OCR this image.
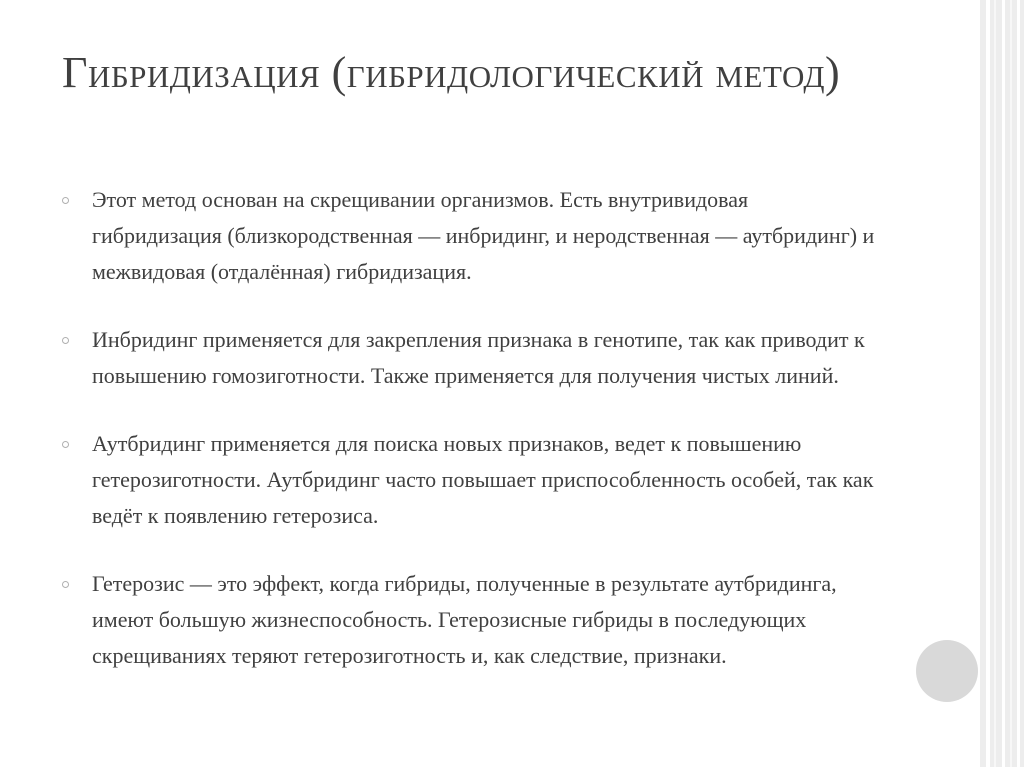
Гибридизация (гибридологический метод)
Этот метод основан на скрещивании организмов. Есть внутривидовая гибридизация (близкородственная — инбридинг, и неродственная — аутбридинг) и межвидовая (отдалённая) гибридизация.
Инбридинг применяется для закрепления признака в генотипе, так как приводит к повышению гомозиготности. Также применяется для получения чистых линий.
Аутбридинг применяется для поиска новых признаков, ведет к повышению гетерозиготности. Аутбридинг часто повышает приспособленность особей, так как ведёт к появлению гетерозиса.
Гетерозис — это эффект, когда гибриды, полученные в результате аутбридинга, имеют большую жизнеспособность. Гетерозисные гибриды в последующих скрещиваниях теряют гетерозиготность и, как следствие, признаки.
